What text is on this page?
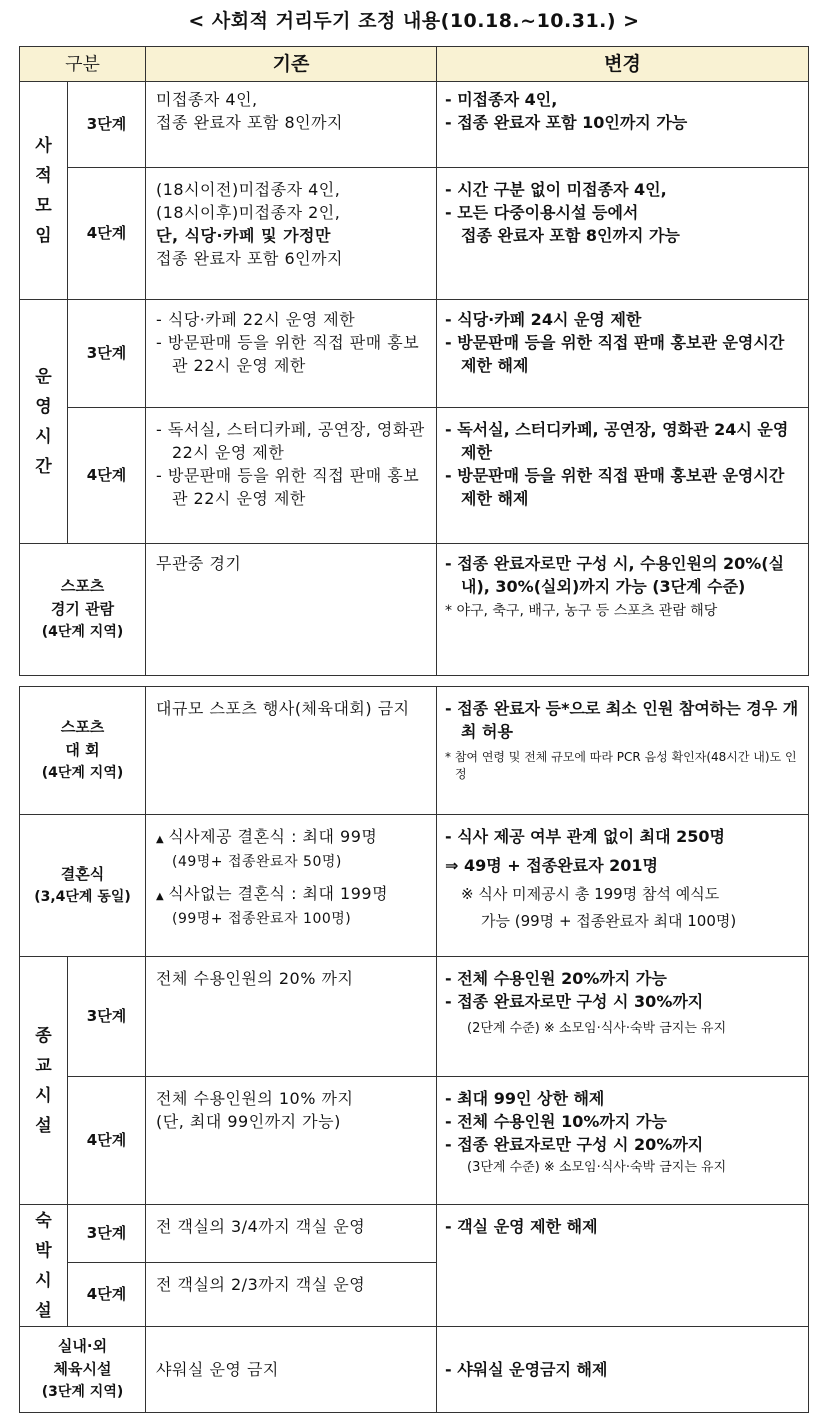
< 사회적 거리두기 조정 내용(10.18.~10.31.) >
구분		기존	변경
사적모임	3단계	미접종자 4인,
접종 완료자 포함 8인까지	- 미접종자 4인,
- 접종 완료자 포함 10인까지 가능

	4단계	(18시이전)미접종자 4인,
(18시이후)미접종자 2인,
단, 식당·카페 및 가정만
접종 완료자 포함 6인까지	- 시간 구분 없이 미접종자 4인,
- 모든 다중이용시설 등에서
접종 완료자 포함 8인까지 가능

운영시간	3단계	- 식당·카페 22시 운영 제한
- 방문판매 등을 위한 직접 판매 홍보관 22시 운영 제한	- 식당·카페 24시 운영 제한
- 방문판매 등을 위한 직접 판매 홍보관 운영시간 제한 해제

	4단계	- 독서실, 스터디카페, 공연장, 영화관 22시 운영 제한
- 방문판매 등을 위한 직접 판매 홍보관 22시 운영 제한	- 독서실, 스터디카페, 공연장, 영화관 24시 운영 제한
- 방문판매 등을 위한 직접 판매 홍보관 운영시간 제한 해제

스포츠
경기 관람
(4단계 지역)		무관중 경기	- 접종 완료자로만 구성 시, 수용인원의 20%(실내), 30%(실외)까지 가능 (3단계 수준)
* 야구, 축구, 배구, 농구 등 스포츠 관람 해당
스포츠
대 회
(4단계 지역)		대규모 스포츠 행사(체육대회) 금지	- 접종 완료자 등*으로 최소 인원 참여하는 경우 개최 허용
* 참여 연령 및 전체 규모에 따라 PCR 음성 확인자(48시간 내)도 인정

결혼식
(3,4단계 동일)		▲ 식사제공 결혼식 : 최대 99명
(49명+ 접종완료자 50명)
▲ 식사없는 결혼식 : 최대 199명
(99명+ 접종완료자 100명)	- 식사 제공 여부 관계 없이 최대 250명
⇒ 49명 + 접종완료자 201명
※ 식사 미제공시 총 199명 참석 예식도
가능 (99명 + 접종완료자 최대 100명)

종교시설	3단계	전체 수용인원의 20% 까지	- 전체 수용인원 20%까지 가능
- 접종 완료자로만 구성 시 30%까지
(2단계 수준) ※ 소모임·식사·숙박 금지는 유지

	4단계	전체 수용인원의 10% 까지
(단, 최대 99인까지 가능)	- 최대 99인 상한 해제
- 전체 수용인원 10%까지 가능
- 접종 완료자로만 구성 시 20%까지
(3단계 수준) ※ 소모임·식사·숙박 금지는 유지

숙박시설	3단계	전 객실의 3/4까지 객실 운영	- 객실 운영 제한 해제

	4단계	전 객실의 2/3까지 객실 운영	

실내·외
체육시설
(3단계 지역)		샤워실 운영 금지	- 샤워실 운영금지 해제
